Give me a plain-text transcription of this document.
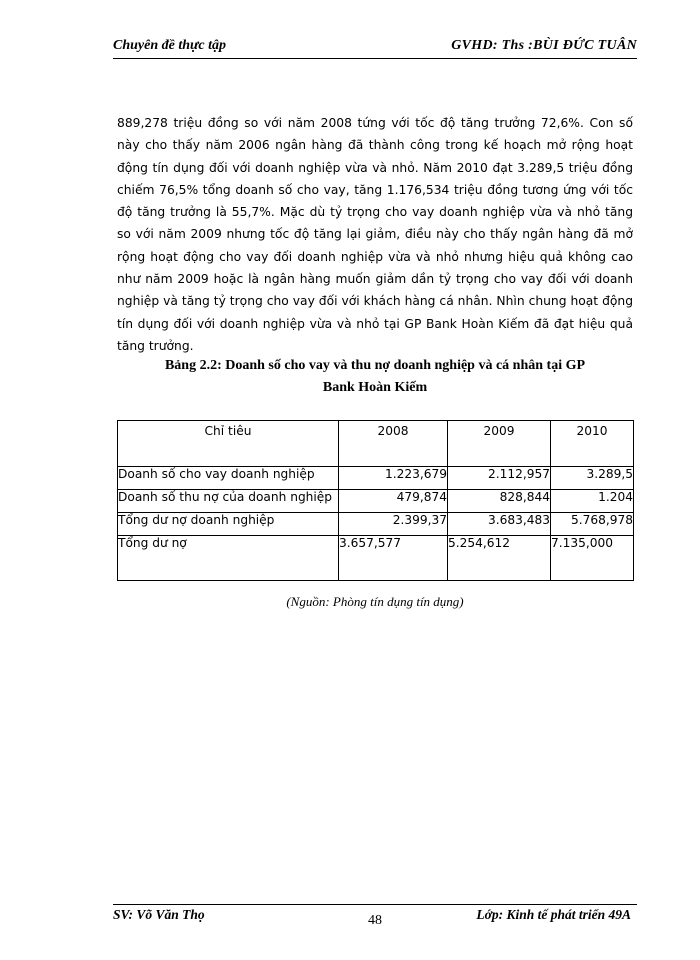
Chuyên đề thực tập	GVHD: Ths :BÙI ĐỨC TUÂN

889,278 triệu đồng so với năm 2008 tứng với tốc độ tăng trưởng 72,6%. Con số này cho thấy năm 2006 ngân hàng đã thành công trong kế hoạch mở rộng hoạt động tín dụng đối với doanh nghiệp vừa và nhỏ. Năm 2010 đạt 3.289,5 triệu đồng chiếm 76,5% tổng doanh số cho vay, tăng 1.176,534 triệu đồng tương ứng với tốc độ tăng trưởng là 55,7%. Mặc dù tỷ trọng cho vay doanh nghiệp vừa và nhỏ tăng so với năm 2009 nhưng tốc độ tăng lại giảm, điều này cho thấy ngân hàng đã mở rộng hoạt động cho vay đối doanh nghiệp vừa và nhỏ nhưng hiệu quả không cao như năm 2009 hoặc là ngân hàng muốn giảm dần tỷ trọng cho vay đối với doanh nghiệp và tăng tỷ trọng cho vay đối với khách hàng cá nhân. Nhìn chung hoạt động tín dụng đối với doanh nghiệp vừa và nhỏ tại GP Bank Hoàn Kiếm đã đạt hiệu quả tăng trưởng.

Bảng 2.2: Doanh số cho vay và thu nợ doanh nghiệp và cá nhân tại GP
Bank Hoàn Kiếm
Chỉ tiêu	2008	2009	2010
Doanh số cho vay doanh nghiệp	1.223,679	2.112,957	3.289,5
Doanh số thu nợ của doanh nghiệp	479,874	828,844	1.204
Tổng dư nợ doanh nghiệp	2.399,37	3.683,483	5.768,978
Tổng dư nợ	3.657,577	5.254,612	7.135,000
(Nguồn: Phòng tín dụng tín dụng)
SV: Võ Văn Thọ	48	Lớp: Kinh tế phát triển 49A
